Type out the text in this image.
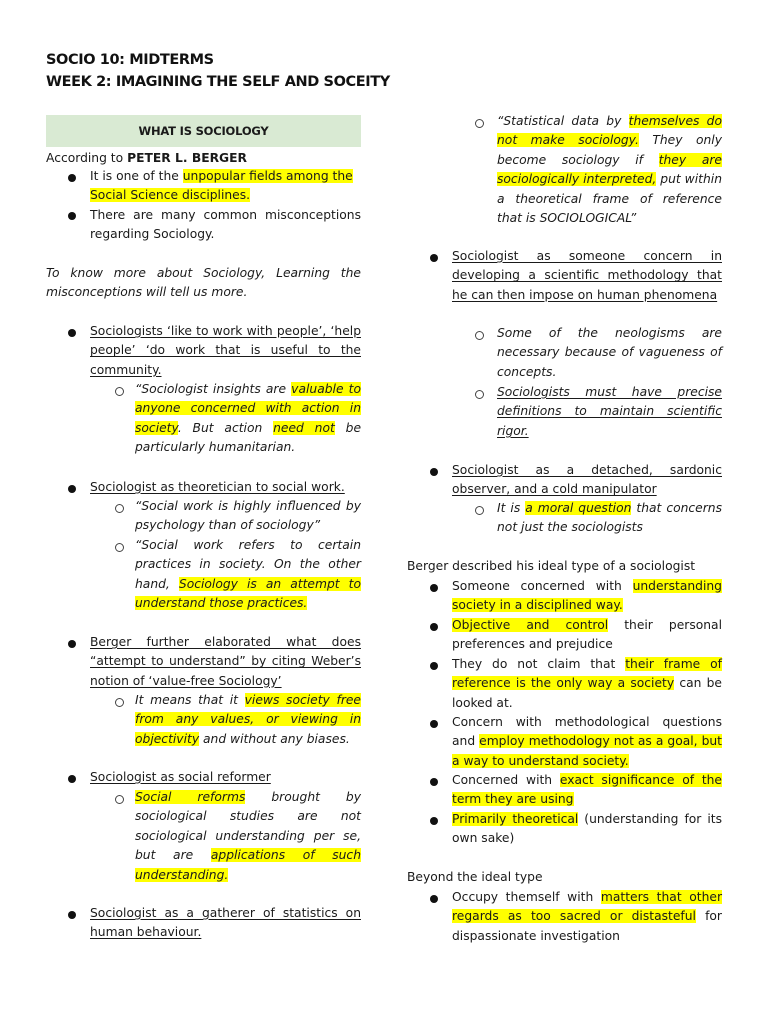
SOCIO 10: MIDTERMS
WEEK 2: IMAGINING THE SELF AND SOCEITY
WHAT IS SOCIOLOGY
According to PETER L. BERGER
It is one of the unpopular fields among the Social Science disciplines.
There are many common misconceptions regarding Sociology.
To know more about Sociology, Learning the misconceptions will tell us more.
Sociologists ‘like to work with people’, ‘help people’ ‘do work that is useful to the community.
“Sociologist insights are valuable to anyone concerned with action in society. But action need not be particularly humanitarian.
Sociologist as theoretician to social work.
“Social work is highly influenced by psychology than of sociology”
“Social work refers to certain practices in society. On the other hand, Sociology is an attempt to understand those practices.
Berger further elaborated what does “attempt to understand” by citing Weber’s notion of ‘value-free Sociology’
It means that it views society free from any values, or viewing in objectivity and without any biases.
Sociologist as social reformer
Social reforms brought by sociological studies are not sociological understanding per se, but are applications of such understanding.
Sociologist as a gatherer of statistics on human behaviour.
“Statistical data by themselves do not make sociology. They only become sociology if they are sociologically interpreted, put within a theoretical frame of reference that is SOCIOLOGICAL”
Sociologist as someone concern in developing a scientific methodology that he can then impose on human phenomena
Some of the neologisms are necessary because of vagueness of concepts.
Sociologists must have precise definitions to maintain scientific rigor.
Sociologist as a detached, sardonic observer, and a cold manipulator
It is a moral question that concerns not just the sociologists
Berger described his ideal type of a sociologist
Someone concerned with understanding society in a disciplined way.
Objective and control their personal preferences and prejudice
They do not claim that their frame of reference is the only way a society can be looked at.
Concern with methodological questions and employ methodology not as a goal, but a way to understand society.
Concerned with exact significance of the term they are using
Primarily theoretical (understanding for its own sake)
Beyond the ideal type
Occupy themself with matters that other regards as too sacred or distasteful for dispassionate investigation
